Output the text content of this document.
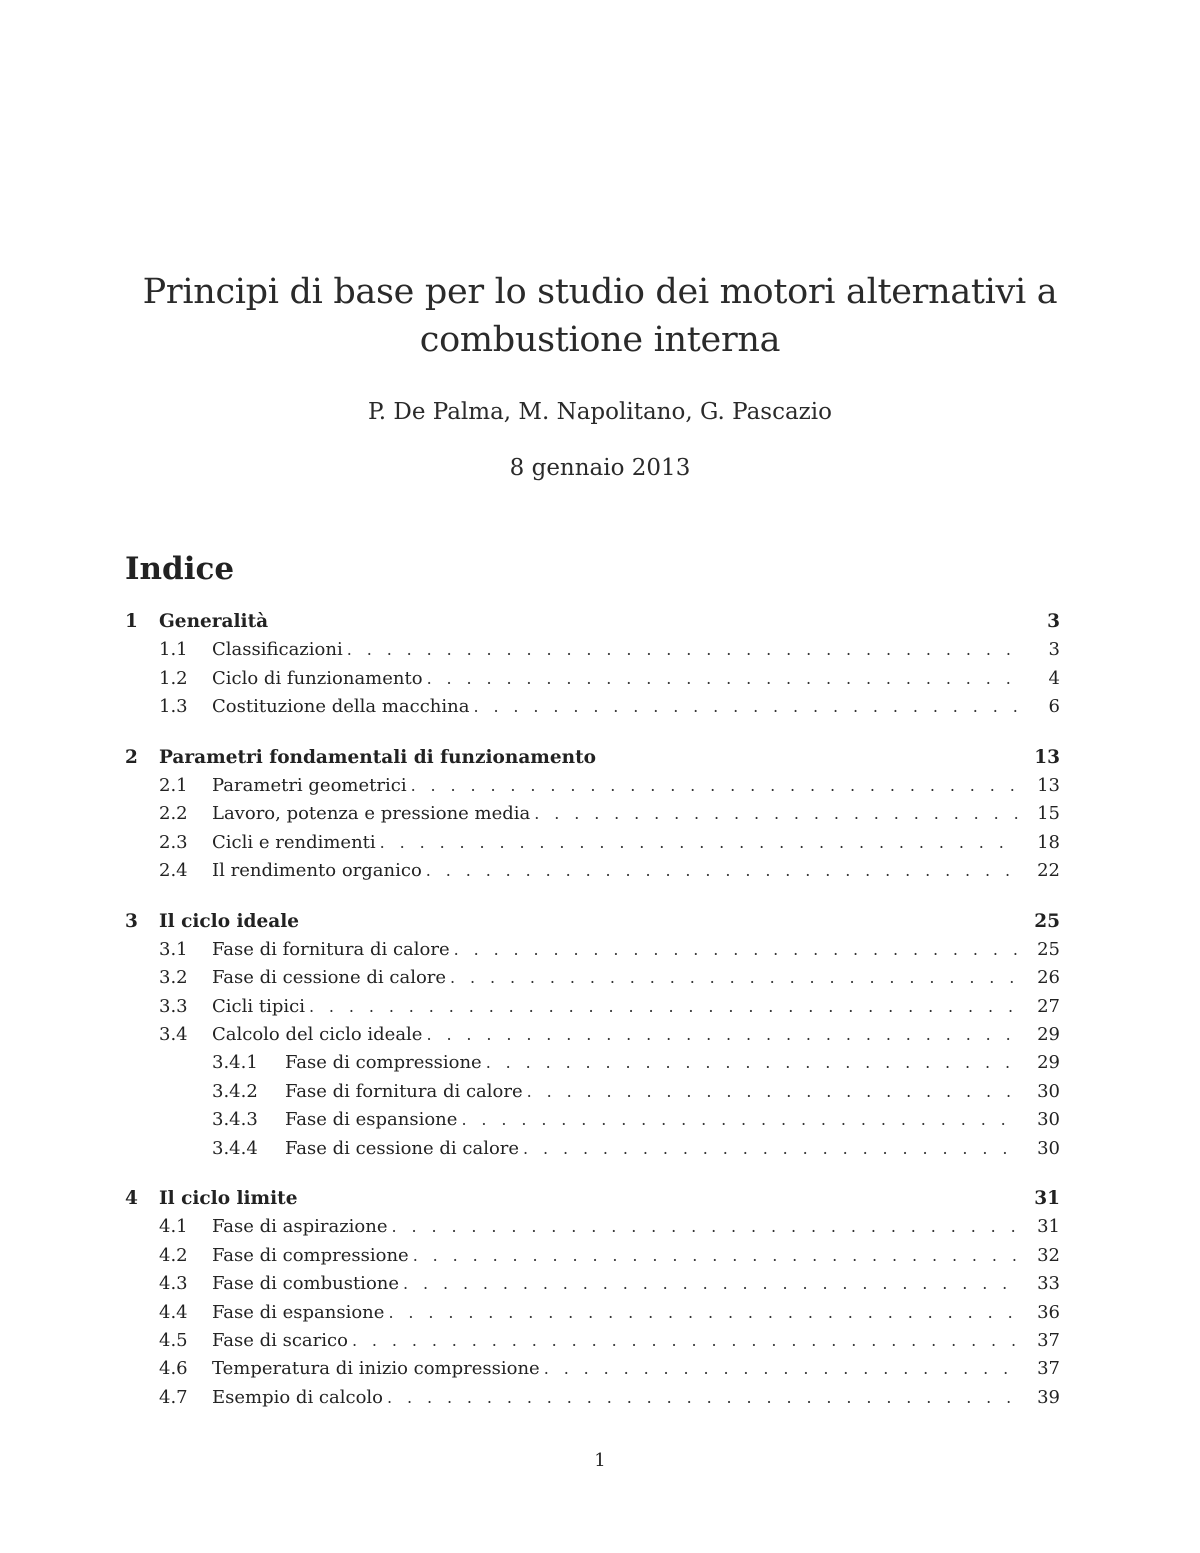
Principi di base per lo studio dei motori alternativi a
combustione interna
P. De Palma, M. Napolitano, G. Pascazio
8 gennaio 2013
Indice
1	Generalità	3
1.1	Classificazioni . . .	3
1.2	Ciclo di funzionamento . . .	4
1.3	Costituzione della macchina . . .	6
2	Parametri fondamentali di funzionamento	13
2.1	Parametri geometrici . . .	13
2.2	Lavoro, potenza e pressione media . . .	15
2.3	Cicli e rendimenti . . .	18
2.4	Il rendimento organico . . .	22
3	Il ciclo ideale	25
3.1	Fase di fornitura di calore . . .	25
3.2	Fase di cessione di calore . . .	26
3.3	Cicli tipici . . .	27
3.4	Calcolo del ciclo ideale . . .	29
3.4.1	Fase di compressione . . .	29
3.4.2	Fase di fornitura di calore . . .	30
3.4.3	Fase di espansione . . .	30
3.4.4	Fase di cessione di calore . . .	30
4	Il ciclo limite	31
4.1	Fase di aspirazione . . .	31
4.2	Fase di compressione . . .	32
4.3	Fase di combustione . . .	33
4.4	Fase di espansione . . .	36
4.5	Fase di scarico . . .	37
4.6	Temperatura di inizio compressione . . .	37
4.7	Esempio di calcolo . . .	39
1
